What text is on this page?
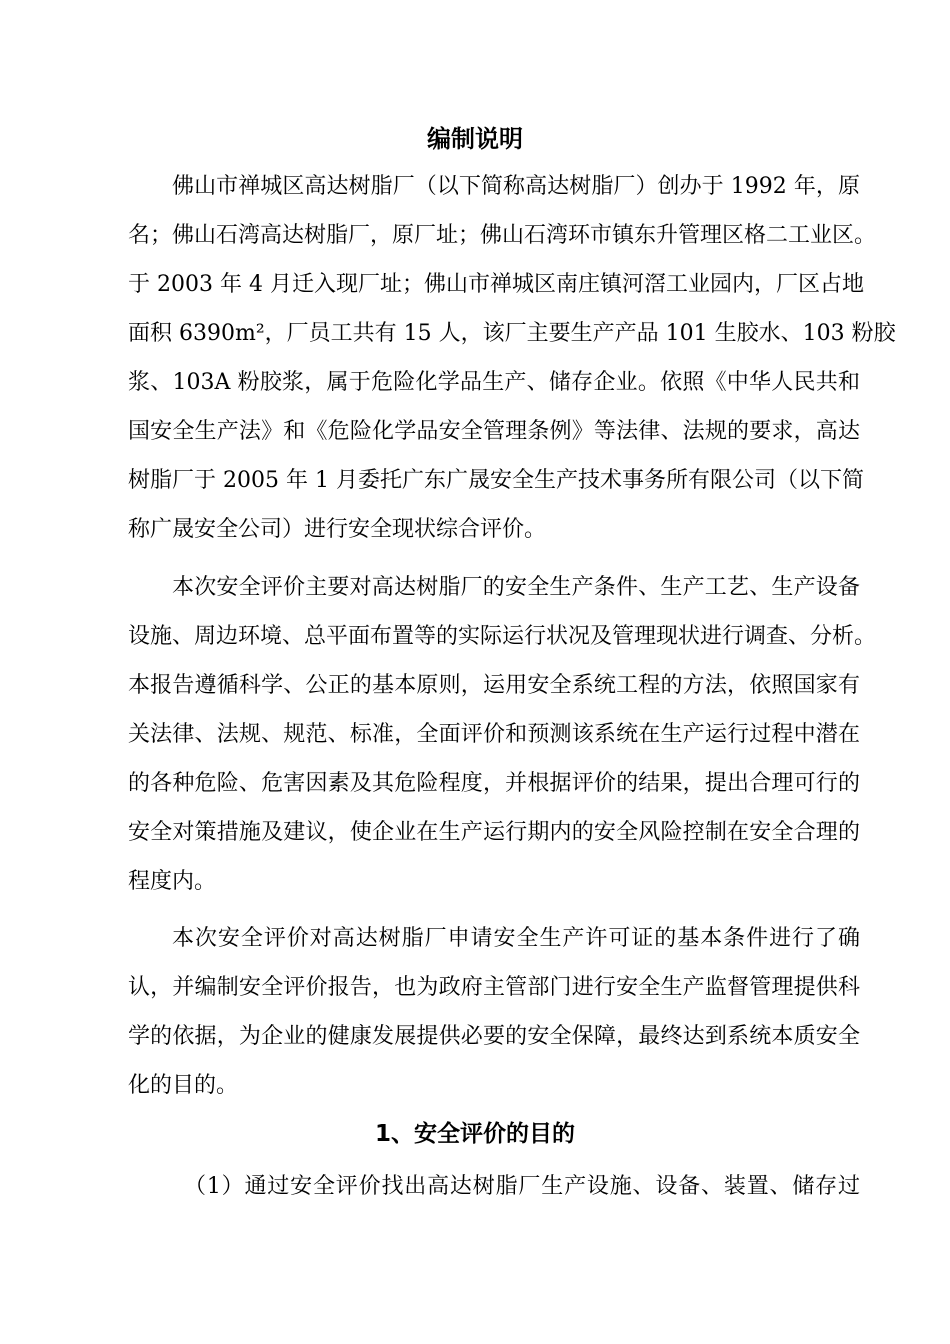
编制说明
佛山市禅城区高达树脂厂（以下简称高达树脂厂）创办于 1992 年，原
名；佛山石湾高达树脂厂，原厂址；佛山石湾环市镇东升管理区格二工业区。
于 2003 年 4 月迁入现厂址；佛山市禅城区南庄镇河滘工业园内，厂区占地
面积 6390m²，厂员工共有 15 人，该厂主要生产产品 101 生胶水、103 粉胶
浆、103A 粉胶浆，属于危险化学品生产、储存企业。依照《中华人民共和
国安全生产法》和《危险化学品安全管理条例》等法律、法规的要求，高达
树脂厂于 2005 年 1 月委托广东广晟安全生产技术事务所有限公司（以下简
称广晟安全公司）进行安全现状综合评价。
本次安全评价主要对高达树脂厂的安全生产条件、生产工艺、生产设备
设施、周边环境、总平面布置等的实际运行状况及管理现状进行调查、分析。
本报告遵循科学、公正的基本原则，运用安全系统工程的方法，依照国家有
关法律、法规、规范、标准，全面评价和预测该系统在生产运行过程中潜在
的各种危险、危害因素及其危险程度，并根据评价的结果，提出合理可行的
安全对策措施及建议，使企业在生产运行期内的安全风险控制在安全合理的
程度内。
本次安全评价对高达树脂厂申请安全生产许可证的基本条件进行了确
认，并编制安全评价报告，也为政府主管部门进行安全生产监督管理提供科
学的依据，为企业的健康发展提供必要的安全保障，最终达到系统本质安全
化的目的。
1、安全评价的目的
（1）通过安全评价找出高达树脂厂生产设施、设备、装置、储存过
